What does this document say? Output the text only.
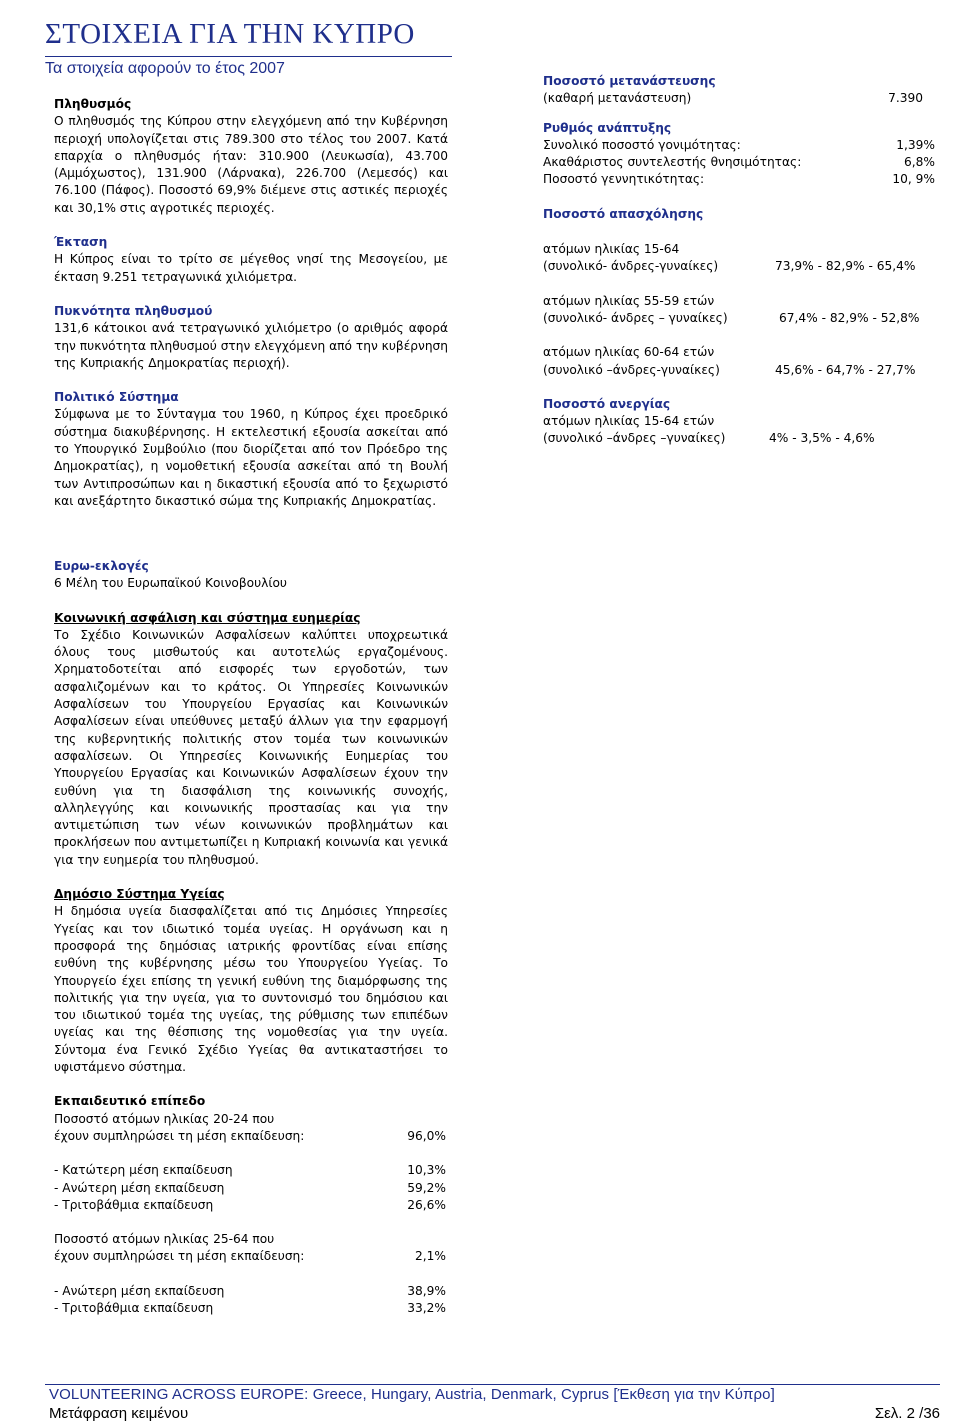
ΣΤΟΙΧΕΙΑ ΓΙΑ ΤΗΝ ΚΥΠΡΟ
Τα στοιχεία αφορούν το έτος 2007
Πληθυσμός

Ο πληθυσμός της Κύπρου στην ελεγχόμενη από την Κυβέρνηση περιοχή υπολογίζεται στις 789.300 στο τέλος του 2007. Κατά επαρχία ο πληθυσμός ήταν: 310.900 (Λευκωσία), 43.700 (Αμμόχωστος), 131.900 (Λάρνακα), 226.700 (Λεμεσός) και 76.100 (Πάφος). Ποσοστό 69,9% διέμενε στις αστικές περιοχές και 30,1% στις αγροτικές περιοχές.

Έκταση

Η Κύπρος είναι το τρίτο σε μέγεθος νησί της Μεσογείου, με έκταση 9.251 τετραγωνικά χιλιόμετρα.

Πυκνότητα πληθυσμού

131,6 κάτοικοι ανά τετραγωνικό χιλιόμετρο (ο αριθμός αφορά την πυκνότητα πληθυσμού στην ελεγχόμενη από την κυβέρνηση της Κυπριακής Δημοκρατίας περιοχή).

Πολιτικό Σύστημα

Σύμφωνα με το Σύνταγμα του 1960, η Κύπρος έχει προεδρικό σύστημα διακυβέρνησης. Η εκτελεστική εξουσία ασκείται από το Υπουργικό Συμβούλιο (που διορίζεται από τον Πρόεδρο της Δημοκρατίας), η νομοθετική εξουσία ασκείται από τη Βουλή των Αντιπροσώπων και η δικαστική εξουσία από το ξεχωριστό και ανεξάρτητο δικαστικό σώμα της Κυπριακής Δημοκρατίας.

Ποσοστό μετανάστευσης
(καθαρή μετανάστευση)	7.390
Ρυθμός ανάπτυξης
Συνολικό ποσοστό γονιμότητας:	1,39%
Ακαθάριστος συντελεστής θνησιμότητας:	6,8%
Ποσοστό γεννητικότητας:	10, 9%
Ποσοστό απασχόλησης
ατόμων ηλικίας 15-64
(συνολικό- άνδρες-γυναίκες)	73,9% - 82,9% - 65,4%
ατόμων ηλικίας 55-59 ετών
(συνολικό- άνδρες – γυναίκες)	67,4% - 82,9% - 52,8%
ατόμων ηλικίας 60-64 ετών
(συνολικό –άνδρες-γυναίκες)	45,6% - 64,7% - 27,7%
Ποσοστό ανεργίας
ατόμων ηλικίας 15-64 ετών
(συνολικό –άνδρες –γυναίκες)	4% - 3,5% - 4,6%
Ευρω-εκλογές
6 Μέλη του Ευρωπαϊκού Κοινοβουλίου
Κοινωνική ασφάλιση και σύστημα ευημερίας

Το Σχέδιο Κοινωνικών Ασφαλίσεων καλύπτει υποχρεωτικά όλους τους μισθωτούς και αυτοτελώς εργαζομένους. Χρηματοδοτείται από εισφορές των εργοδοτών, των ασφαλιζομένων και το κράτος. Οι Υπηρεσίες Κοινωνικών Ασφαλίσεων του Υπουργείου Εργασίας και Κοινωνικών Ασφαλίσεων είναι υπεύθυνες μεταξύ άλλων για την εφαρμογή της κυβερνητικής πολιτικής στον τομέα των κοινωνικών ασφαλίσεων. Οι Υπηρεσίες Κοινωνικής Ευημερίας του Υπουργείου Εργασίας και Κοινωνικών Ασφαλίσεων έχουν την ευθύνη για τη διασφάλιση της κοινωνικής συνοχής, αλληλεγγύης και κοινωνικής προστασίας και για την αντιμετώπιση των νέων κοινωνικών προβλημάτων και προκλήσεων που αντιμετωπίζει η Κυπριακή κοινωνία και γενικά για την ευημερία του πληθυσμού.

Δημόσιο Σύστημα Υγείας

Η δημόσια υγεία διασφαλίζεται από τις Δημόσιες Υπηρεσίες Υγείας και τον ιδιωτικό τομέα υγείας. Η οργάνωση και η προσφορά της δημόσιας ιατρικής φροντίδας είναι επίσης ευθύνη της κυβέρνησης μέσω του Υπουργείου Υγείας. Το Υπουργείο έχει επίσης τη γενική ευθύνη της διαμόρφωσης της πολιτικής για την υγεία, για το συντονισμό του δημόσιου και του ιδιωτικού τομέα της υγείας, της ρύθμισης των επιπέδων υγείας και της θέσπισης της νομοθεσίας για την υγεία. Σύντομα ένα Γενικό Σχέδιο Υγείας θα αντικαταστήσει το υφιστάμενο σύστημα.

Εκπαιδευτικό επίπεδο
Ποσοστό ατόμων ηλικίας 20-24 που
έχουν συμπληρώσει τη μέση εκπαίδευση:	96,0%
- Κατώτερη μέση εκπαίδευση	10,3%
- Ανώτερη μέση εκπαίδευση	59,2%
- Τριτοβάθμια εκπαίδευση	26,6%
Ποσοστό ατόμων ηλικίας 25-64 που
έχουν συμπληρώσει τη μέση εκπαίδευση:	2,1%
- Ανώτερη μέση εκπαίδευση	38,9%
- Τριτοβάθμια εκπαίδευση	33,2%
VOLUNTEERING ACROSS EUROPE: Greece, Hungary, Austria, Denmark, Cyprus [Έκθεση για την Κύπρο]
Μετάφραση κειμένου	Σελ. 2 /36
